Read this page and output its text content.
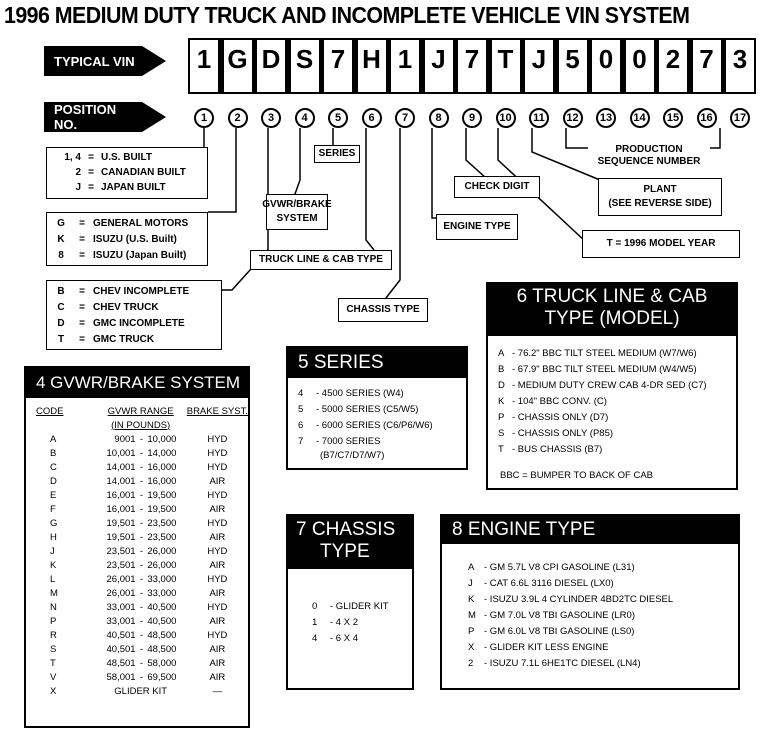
1996 MEDIUM DUTY TRUCK AND INCOMPLETE VEHICLE VIN SYSTEM
TYPICAL VIN
POSITION NO.
1 G D S 7 H 1 J 7 T J 5 0 0 2 7 3
1	2	3	4	5	6	7	8	9	10	11	12	13	14	15	16	17
1, 4 = U.S. BUILT
2 = CANADIAN BUILT
J = JAPAN BUILT
G	= GENERAL MOTORS
K	= ISUZU (U.S. Built)
8	= ISUZU (Japan Built)
B	= CHEV INCOMPLETE
C	= CHEV TRUCK
D	= GMC INCOMPLETE
T	= GMC TRUCK
SERIES
GVWR/BRAKE
SYSTEM
TRUCK LINE & CAB TYPE
CHASSIS TYPE
ENGINE TYPE
CHECK DIGIT	PLANT
(SEE REVERSE SIDE)
T = 1996 MODEL YEAR
PRODUCTION
SEQUENCE NUMBER
6 TRUCK LINE & CAB
TYPE (MODEL)
A - 76.2" BBC TILT STEEL MEDIUM (W7/W6)
B - 67.9" BBC TILT STEEL MEDIUM (W4/W5)
D - MEDIUM DUTY CREW CAB 4-DR SED (C7)
K - 104" BBC CONV. (C)
P - CHASSIS ONLY (D7)
S - CHASSIS ONLY (P85)
T - BUS CHASSIS (B7)
BBC = BUMPER TO BACK OF CAB
5 SERIES
4	- 4500 SERIES (W4)
5	- 5000 SERIES (C5/W5)
6	- 6000 SERIES (C6/P6/W6)
7	- 7000 SERIES
(B7/C7/D7/W7)
4 GVWR/BRAKE SYSTEM
CODE	GVWR RANGE			BRAKE SYST.
	(IN POUNDS)			
A	9001	-	10,000	HYD
B	10,001	-	14,000	HYD
C	14,001	-	16,000	HYD
D	14,001	-	16,000	AIR
E	16,001	-	19,500	HYD
F	16,001	-	19,500	AIR
G	19,501	-	23,500	HYD
H	19,501	-	23,500	AIR
J	23,501	-	26,000	HYD
K	23,501	-	26,000	AIR
L	26,001	-	33,000	HYD
M	26,001	-	33,000	AIR
N	33,001	-	40,500	HYD
P	33,001	-	40,500	AIR
R	40,501	-	48,500	HYD
S	40,501	-	48,500	AIR
T	48,501	-	58,000	AIR
V	58,001	-	69,500	AIR
X	GLIDER KIT			—
7 CHASSIS
TYPE
0	- GLIDER KIT
1	- 4 X 2
4	- 6 X 4
8 ENGINE TYPE
A	- GM 5.7L V8 CPI GASOLINE (L31)
J	- CAT 6.6L 3116 DIESEL (LX0)
K	- ISUZU 3.9L 4 CYLINDER 4BD2TC DIESEL
M - GM 7.0L V8 TBI GASOLINE (LR0)
P	- GM 6.0L V8 TBI GASOLINE (LS0)
X	- GLIDER KIT LESS ENGINE
2	- ISUZU 7.1L 6HE1TC DIESEL (LN4)
